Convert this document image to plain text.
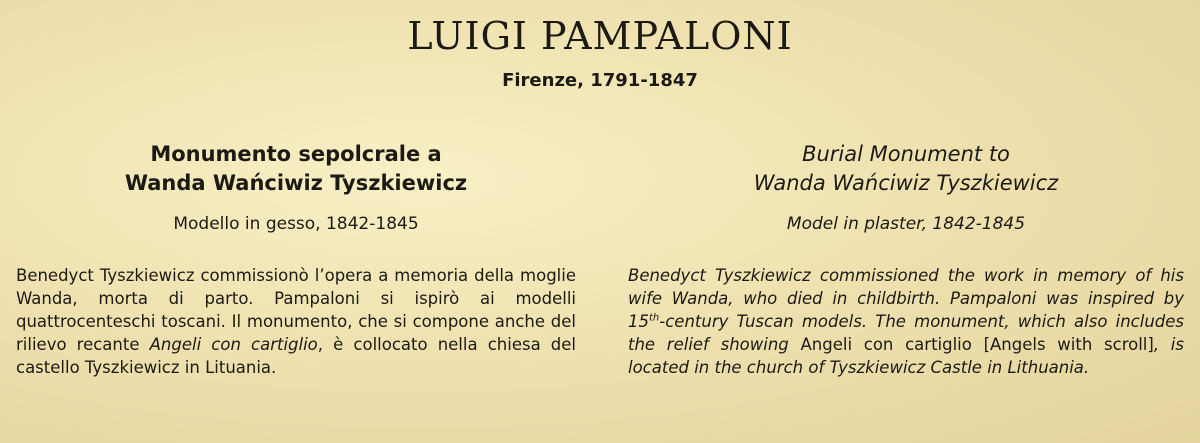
LUIGI PAMPALONI
Firenze, 1791-1847
Monumento sepolcrale a
Wanda Wańciwiz Tyszkiewicz
Modello in gesso, 1842-1845

Benedyct Tyszkiewicz commissionò l’opera a memoria della moglie Wanda, morta di parto. Pampaloni si ispirò ai modelli quattrocenteschi toscani. Il monumento, che si compone anche del rilievo recante Angeli con cartiglio, è collocato nella chiesa del castello Tyszkiewicz in Lituania.

Burial Monument to
Wanda Wańciwiz Tyszkiewicz
Model in plaster, 1842-1845

Benedyct Tyszkiewicz commissioned the work in memory of his wife Wanda, who died in childbirth. Pampaloni was inspired by 15th-century Tuscan models. The monument, which also includes the relief showing Angeli con cartiglio [Angels with scroll], is located in the church of Tyszkiewicz Castle in Lithuania.
